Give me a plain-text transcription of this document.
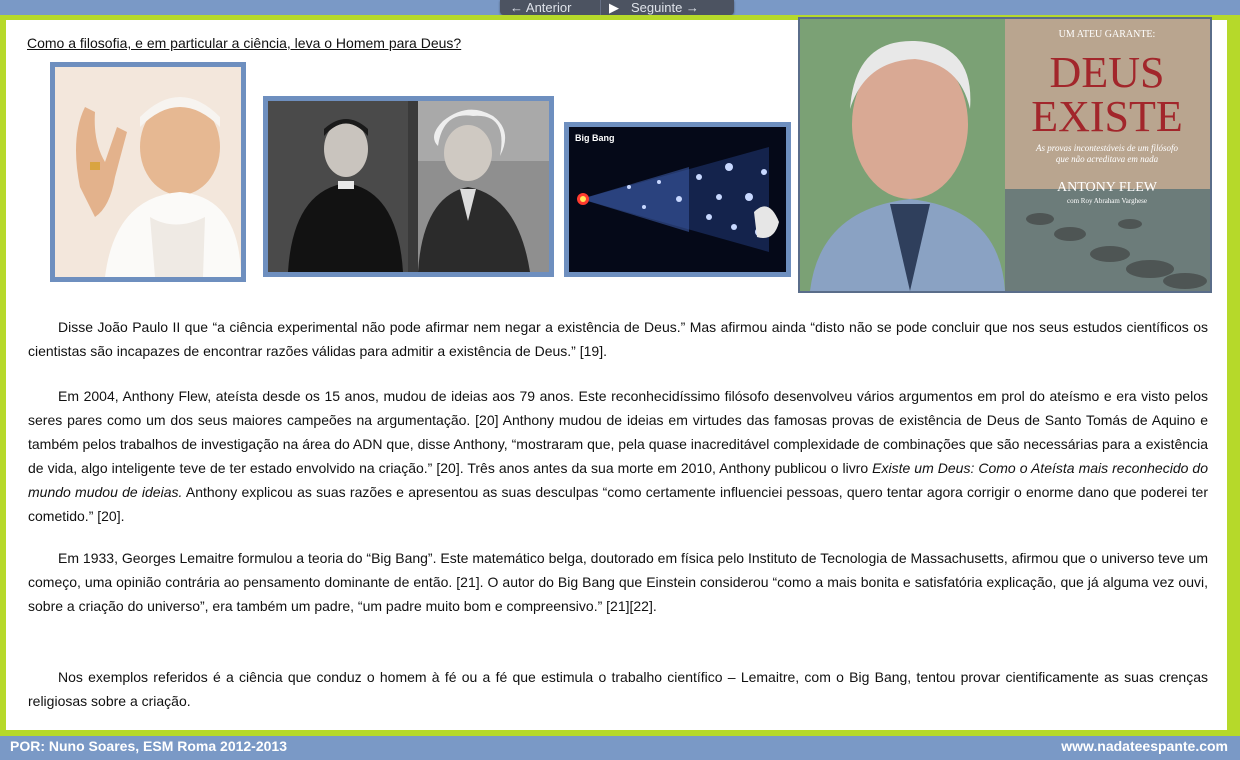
← Anterior	▶ Seguinte →
Como a filosofia, e em particular a ciência, leva o Homem para Deus?
Big Bang
UM ATEU GARANTE:
DEUS
EXISTE
As provas incontestáveis de um filósofo
que não acreditava em nada
ANTONY FLEW
com Roy Abraham Varghese

Disse João Paulo II que “a ciência experimental não pode afirmar nem negar a existência de Deus.” Mas afirmou ainda “disto não se pode concluir que nos seus estudos científicos os cientistas são incapazes de encontrar razões válidas para admitir a existência de Deus.” [19].

Em 2004, Anthony Flew, ateísta desde os 15 anos, mudou de ideias aos 79 anos. Este reconhecidíssimo filósofo desenvolveu vários argumentos em prol do ateísmo e era visto pelos seres pares como um dos seus maiores campeões na argumentação. [20] Anthony mudou de ideias em virtudes das famosas provas de existência de Deus de Santo Tomás de Aquino e também pelos trabalhos de investigação na área do ADN que, disse Anthony, “mostraram que, pela quase inacreditável complexidade de combinações que são necessárias para a existência de vida, algo inteligente teve de ter estado envolvido na criação.” [20]. Três anos antes da sua morte em 2010, Anthony publicou o livro Existe um Deus: Como o Ateísta mais reconhecido do mundo mudou de ideias. Anthony explicou as suas razões e apresentou as suas desculpas “como certamente influenciei pessoas, quero tentar agora corrigir o enorme dano que poderei ter cometido.” [20].

Em 1933, Georges Lemaitre formulou a teoria do “Big Bang”. Este matemático belga, doutorado em física pelo Instituto de Tecnologia de Massachusetts, afirmou que o universo teve um começo, uma opinião contrária ao pensamento dominante de então. [21]. O autor do Big Bang que Einstein considerou “como a mais bonita e satisfatória explicação, que já alguma vez ouvi, sobre a criação do universo”, era também um padre, “um padre muito bom e compreensivo.” [21][22].

Nos exemplos referidos é a ciência que conduz o homem à fé ou a fé que estimula o trabalho científico – Lemaitre, com o Big Bang, tentou provar cientificamente as suas crenças religiosas sobre a criação.

POR: Nuno Soares, ESM Roma 2012-2013	www.nadateespante.com
